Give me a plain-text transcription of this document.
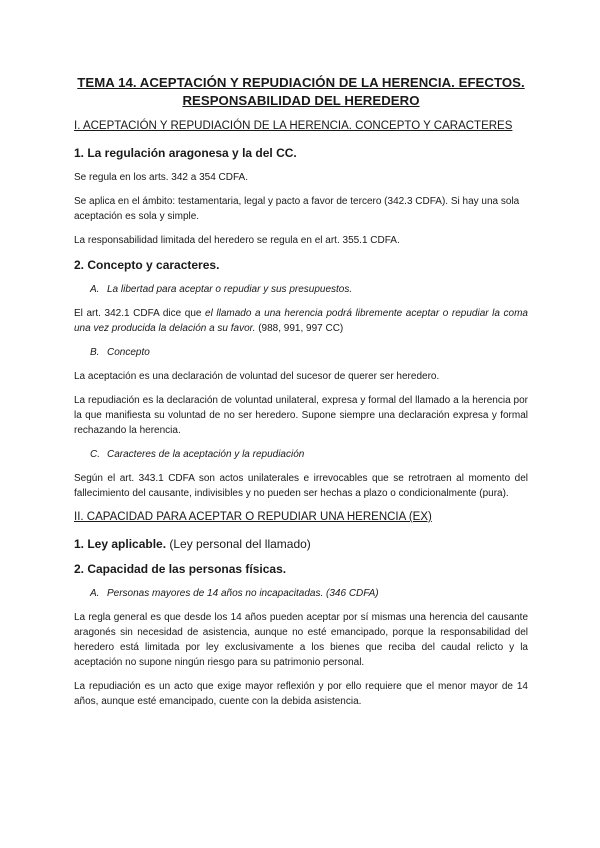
TEMA 14. ACEPTACIÓN Y REPUDIACIÓN DE LA HERENCIA. EFECTOS.
RESPONSABILIDAD DEL HEREDERO
I. ACEPTACIÓN Y REPUDIACIÓN DE LA HERENCIA. CONCEPTO Y CARACTERES
1. La regulación aragonesa y la del CC.

Se regula en los arts. 342 a 354 CDFA.

Se aplica en el ámbito: testamentaria, legal y pacto a favor de tercero (342.3 CDFA). Si hay una sola aceptación es sola y simple.

La responsabilidad limitada del heredero se regula en el art. 355.1 CDFA.

2. Concepto y caracteres.
A. La libertad para aceptar o repudiar y sus presupuestos.

El art. 342.1 CDFA dice que el llamado a una herencia podrá libremente aceptar o repudiar la coma una vez producida la delación a su favor. (988, 991, 997 CC)

B. Concepto

La aceptación es una declaración de voluntad del sucesor de querer ser heredero.

La repudiación es la declaración de voluntad unilateral, expresa y formal del llamado a la herencia por la que manifiesta su voluntad de no ser heredero. Supone siempre una declaración expresa y formal rechazando la herencia.

C. Caracteres de la aceptación y la repudiación

Según el art. 343.1 CDFA son actos unilaterales e irrevocables que se retrotraen al momento del fallecimiento del causante, indivisibles y no pueden ser hechas a plazo o condicionalmente (pura).

II. CAPACIDAD PARA ACEPTAR O REPUDIAR UNA HERENCIA (EX)
1. Ley aplicable. (Ley personal del llamado)
2. Capacidad de las personas físicas.
A. Personas mayores de 14 años no incapacitadas. (346 CDFA)

La regla general es que desde los 14 años pueden aceptar por sí mismas una herencia del causante aragonés sin necesidad de asistencia, aunque no esté emancipado, porque la responsabilidad del heredero está limitada por ley exclusivamente a los bienes que reciba del caudal relicto y la aceptación no supone ningún riesgo para su patrimonio personal.

La repudiación es un acto que exige mayor reflexión y por ello requiere que el menor mayor de 14 años, aunque esté emancipado, cuente con la debida asistencia.
